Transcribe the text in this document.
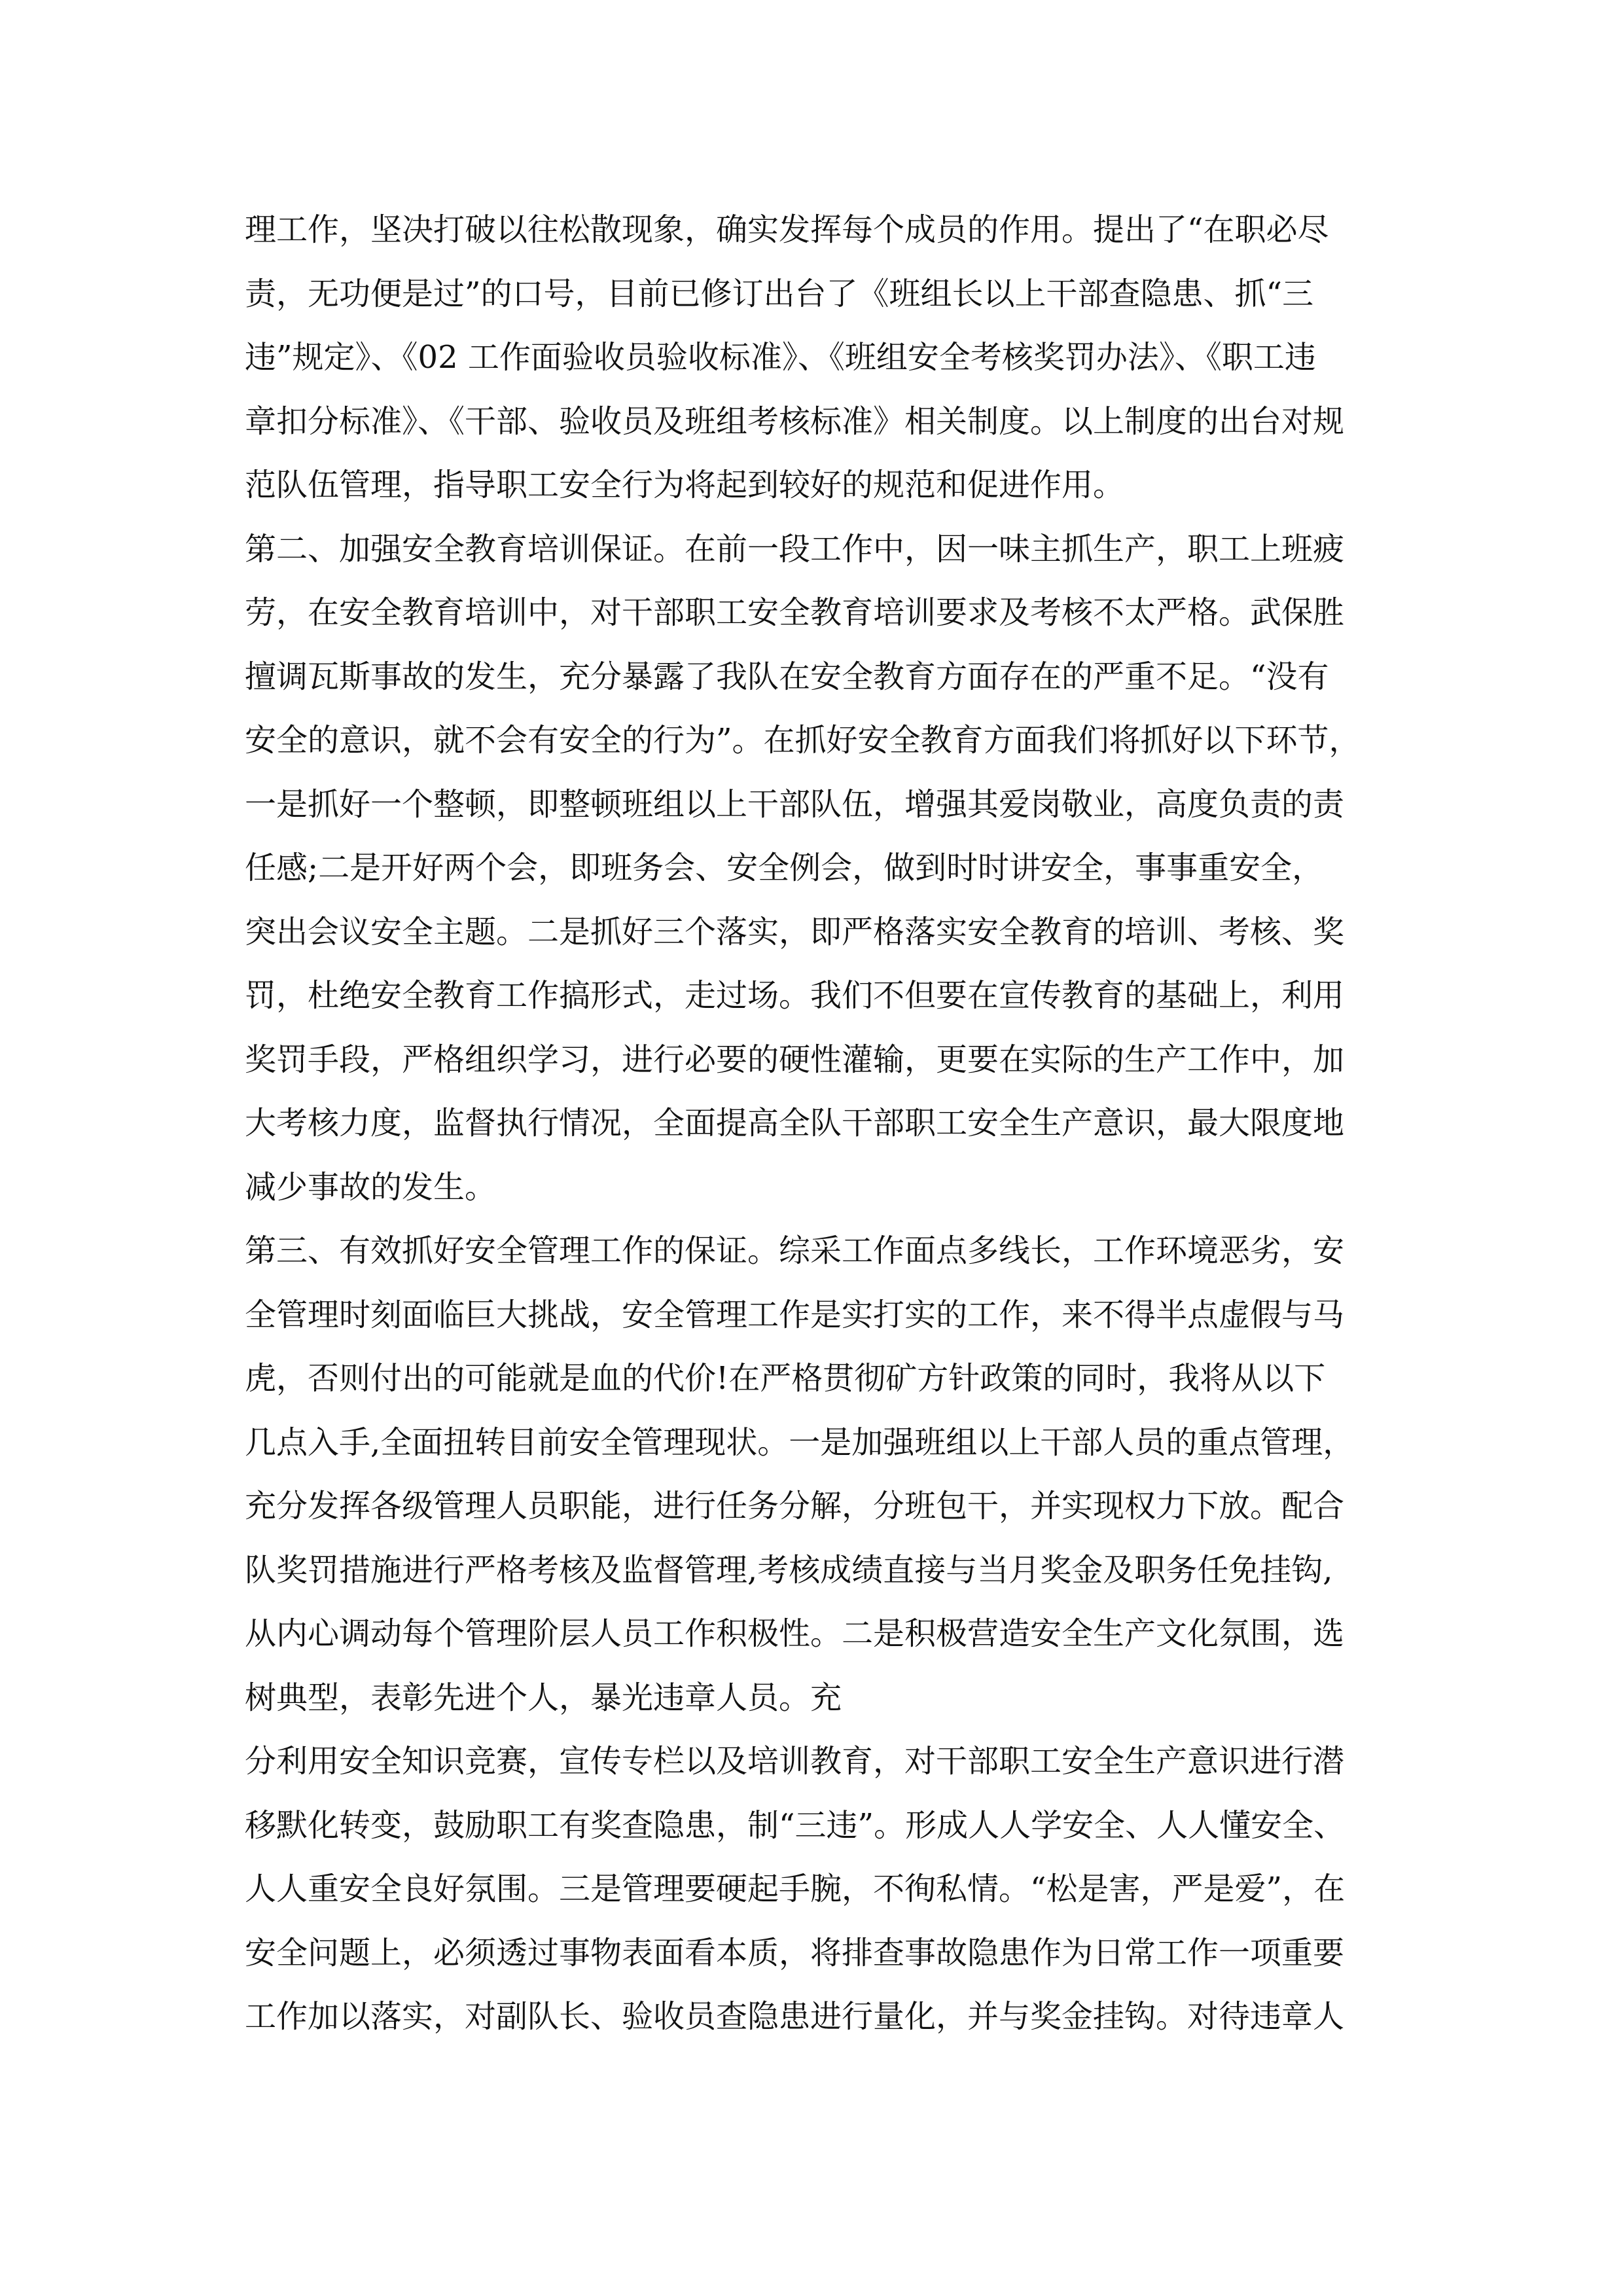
理工作，坚决打破以往松散现象，确实发挥每个成员的作用。提出了“在职必尽
责，无功便是过”的口号，目前已修订出台了《班组长以上干部查隐患、抓“三
违”规定》、《02 工作面验收员验收标准》、《班组安全考核奖罚办法》、《职工违
章扣分标准》、《干部、验收员及班组考核标准》相关制度。以上制度的出台对规
范队伍管理，指导职工安全行为将起到较好的规范和促进作用。
第二、加强安全教育培训保证。在前一段工作中，因一味主抓生产，职工上班疲
劳，在安全教育培训中，对干部职工安全教育培训要求及考核不太严格。武保胜
擅调瓦斯事故的发生，充分暴露了我队在安全教育方面存在的严重不足。“没有
安全的意识，就不会有安全的行为”。在抓好安全教育方面我们将抓好以下环节，
一是抓好一个整顿，即整顿班组以上干部队伍，增强其爱岗敬业，高度负责的责
任感;二是开好两个会，即班务会、安全例会，做到时时讲安全，事事重安全，
突出会议安全主题。二是抓好三个落实，即严格落实安全教育的培训、考核、奖
罚，杜绝安全教育工作搞形式，走过场。我们不但要在宣传教育的基础上，利用
奖罚手段，严格组织学习，进行必要的硬性灌输，更要在实际的生产工作中，加
大考核力度，监督执行情况，全面提高全队干部职工安全生产意识，最大限度地
减少事故的发生。
第三、有效抓好安全管理工作的保证。综采工作面点多线长，工作环境恶劣，安
全管理时刻面临巨大挑战，安全管理工作是实打实的工作，来不得半点虚假与马
虎，否则付出的可能就是血的代价!在严格贯彻矿方针政策的同时，我将从以下
几点入手,全面扭转目前安全管理现状。一是加强班组以上干部人员的重点管理，
充分发挥各级管理人员职能，进行任务分解，分班包干，并实现权力下放。配合
队奖罚措施进行严格考核及监督管理,考核成绩直接与当月奖金及职务任免挂钩,
从内心调动每个管理阶层人员工作积极性。二是积极营造安全生产文化氛围，选
树典型，表彰先进个人，暴光违章人员。充
分利用安全知识竞赛，宣传专栏以及培训教育，对干部职工安全生产意识进行潜
移默化转变，鼓励职工有奖查隐患，制“三违”。形成人人学安全、人人懂安全、
人人重安全良好氛围。三是管理要硬起手腕，不徇私情。“松是害，严是爱”，在
安全问题上，必须透过事物表面看本质，将排查事故隐患作为日常工作一项重要
工作加以落实，对副队长、验收员查隐患进行量化，并与奖金挂钩。对待违章人
